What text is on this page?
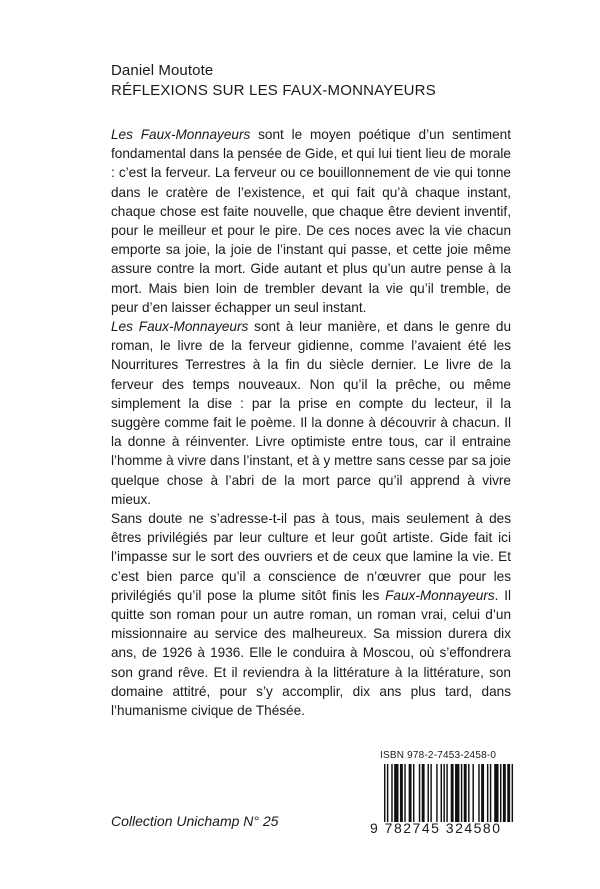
Daniel Moutote
RÉFLEXIONS SUR LES FAUX-MONNAYEURS

Les Faux-Monnayeurs sont le moyen poétique d’un sentiment fondamental dans la pensée de Gide, et qui lui tient lieu de morale : c’est la ferveur. La ferveur ou ce bouillonnement de vie qui tonne dans le cratère de l’existence, et qui fait qu’à chaque instant, chaque chose est faite nouvelle, que chaque être devient inventif, pour le meilleur et pour le pire. De ces noces avec la vie chacun emporte sa joie, la joie de l’instant qui passe, et cette joie même assure contre la mort. Gide autant et plus qu’un autre pense à la mort. Mais bien loin de trembler devant la vie qu’il tremble, de peur d’en laisser échapper un seul instant.

Les Faux-Monnayeurs sont à leur manière, et dans le genre du roman, le livre de la ferveur gidienne, comme l’avaient été les Nourritures Terrestres à la fin du siècle dernier. Le livre de la ferveur des temps nouveaux. Non qu’il la prêche, ou même simplement la dise : par la prise en compte du lecteur, il la suggère comme fait le poème. Il la donne à découvrir à chacun. Il la donne à réinventer. Livre optimiste entre tous, car il entraine l’homme à vivre dans l’instant, et à y mettre sans cesse par sa joie quelque chose à l’abri de la mort parce qu’il apprend à vivre mieux.

Sans doute ne s’adresse-t-il pas à tous, mais seulement à des êtres privilégiés par leur culture et leur goût artiste. Gide fait ici l’impasse sur le sort des ouvriers et de ceux que lamine la vie. Et c’est bien parce qu’il a conscience de n’œuvrer que pour les privilégiés qu’il pose la plume sitôt finis les Faux-Monnayeurs. Il quitte son roman pour un autre roman, un roman vrai, celui d’un missionnaire au service des malheureux. Sa mission durera dix ans, de 1926 à 1936. Elle le conduira à Moscou, où s’effondrera son grand rêve. Et il reviendra à la littérature à la littérature, son domaine attitré, pour s’y accomplir, dix ans plus tard, dans l’humanisme civique de Thésée.

Collection Unichamp N° 25
ISBN 978-2-7453-2458-0
9 782745 324580
